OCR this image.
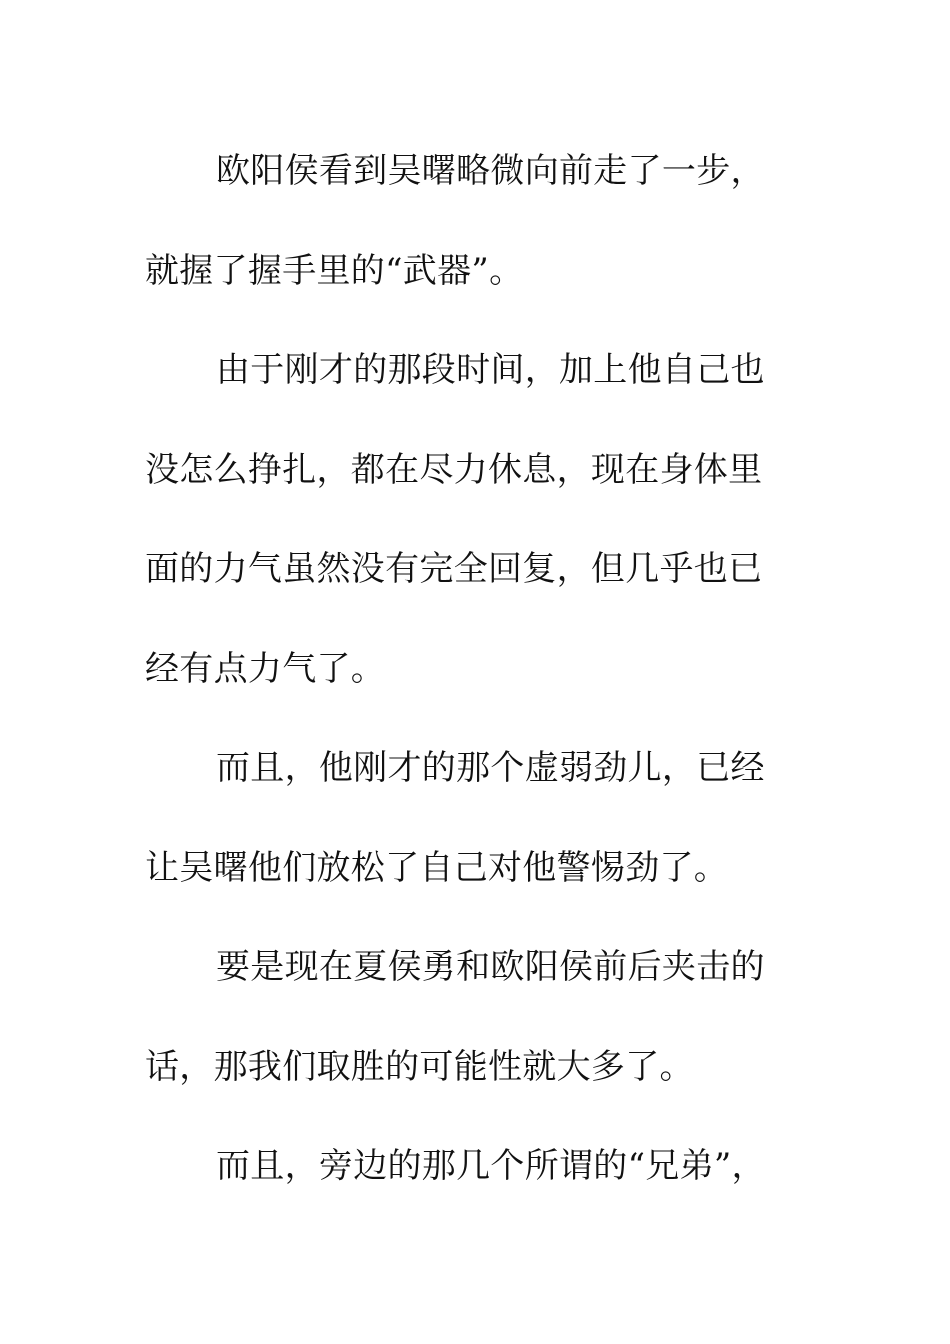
欧阳侯看到吴曙略微向前走了一步，
就握了握手里的“武器”。
由于刚才的那段时间，加上他自己也
没怎么挣扎，都在尽力休息，现在身体里
面的力气虽然没有完全回复，但几乎也已
经有点力气了。
而且，他刚才的那个虚弱劲儿，已经
让吴曙他们放松了自己对他警惕劲了。
要是现在夏侯勇和欧阳侯前后夹击的
话，那我们取胜的可能性就大多了。
而且，旁边的那几个所谓的“兄弟”，
